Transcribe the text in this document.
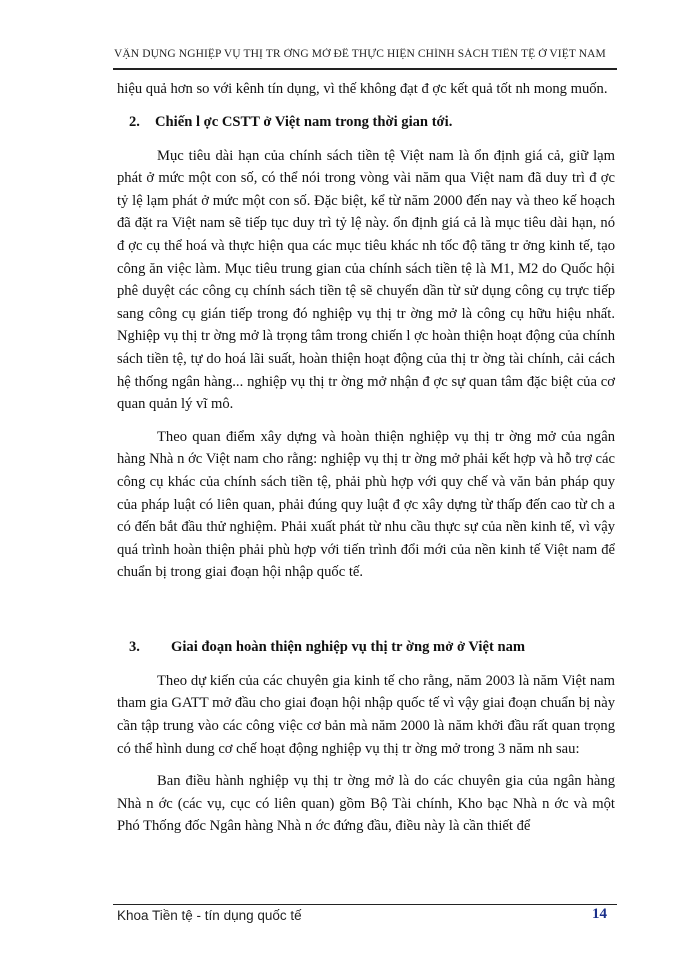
VẬN DỤNG NGHIỆP VỤ THỊ TR ỜNG MỞ ĐỂ THỰC HIỆN CHÍNH SÁCH TIỀN TỆ Ở VIỆT NAM

hiệu quả hơn so với kênh tín dụng, vì thế không đạt đ ợc kết quả tốt nh mong muốn.

2. Chiến l ợc CSTT ở Việt nam trong thời gian tới.

Mục tiêu dài hạn của chính sách tiền tệ Việt nam là ổn định giá cả, giữ lạm phát ở mức một con số, có thể nói trong vòng vài năm qua Việt nam đã duy trì đ ợc tỷ lệ lạm phát ở mức một con số. Đặc biệt, kể từ năm 2000 đến nay và theo kế hoạch đã đặt ra Việt nam sẽ tiếp tục duy trì tỷ lệ này. ổn định giá cả là mục tiêu dài hạn, nó đ ợc cụ thể hoá và thực hiện qua các mục tiêu khác nh tốc độ tăng tr ởng kinh tế, tạo công ăn việc làm. Mục tiêu trung gian của chính sách tiền tệ là M1, M2 do Quốc hội phê duyệt các công cụ chính sách tiền tệ sẽ chuyển dần từ sử dụng công cụ trực tiếp sang công cụ gián tiếp trong đó nghiệp vụ thị tr ờng mở là công cụ hữu hiệu nhất. Nghiệp vụ thị tr ờng mở là trọng tâm trong chiến l ợc hoàn thiện hoạt động của chính sách tiền tệ, tự do hoá lãi suất, hoàn thiện hoạt động của thị tr ờng tài chính, cải cách hệ thống ngân hàng... nghiệp vụ thị tr ờng mở nhận đ ợc sự quan tâm đặc biệt của cơ quan quản lý vĩ mô.

Theo quan điểm xây dựng và hoàn thiện nghiệp vụ thị tr ờng mở của ngân hàng Nhà n ớc Việt nam cho rằng: nghiệp vụ thị tr ờng mở phải kết hợp và hỗ trợ các công cụ khác của chính sách tiền tệ, phải phù hợp với quy chế và văn bản pháp quy của pháp luật có liên quan, phải đúng quy luật đ ợc xây dựng từ thấp đến cao từ ch a có đến bắt đầu thử nghiệm. Phải xuất phát từ nhu cầu thực sự của nền kinh tế, vì vậy quá trình hoàn thiện phải phù hợp với tiến trình đổi mới của nền kinh tế Việt nam để chuẩn bị trong giai đoạn hội nhập quốc tế.

3. Giai đoạn hoàn thiện nghiệp vụ thị tr ờng mở ở Việt nam

Theo dự kiến của các chuyên gia kinh tế cho rằng, năm 2003 là năm Việt nam tham gia GATT mở đầu cho giai đoạn hội nhập quốc tế vì vậy giai đoạn chuẩn bị này cần tập trung vào các công việc cơ bản mà năm 2000 là năm khởi đầu rất quan trọng có thể hình dung cơ chế hoạt động nghiệp vụ thị tr ờng mở trong 3 năm nh sau:

Ban điều hành nghiệp vụ thị tr ờng mở là do các chuyên gia của ngân hàng Nhà n ớc (các vụ, cục có liên quan) gồm Bộ Tài chính, Kho bạc Nhà n ớc và một Phó Thống đốc Ngân hàng Nhà n ớc đứng đầu, điều này là cần thiết để

Khoa Tiền tệ - tín dụng quốc tế	14
